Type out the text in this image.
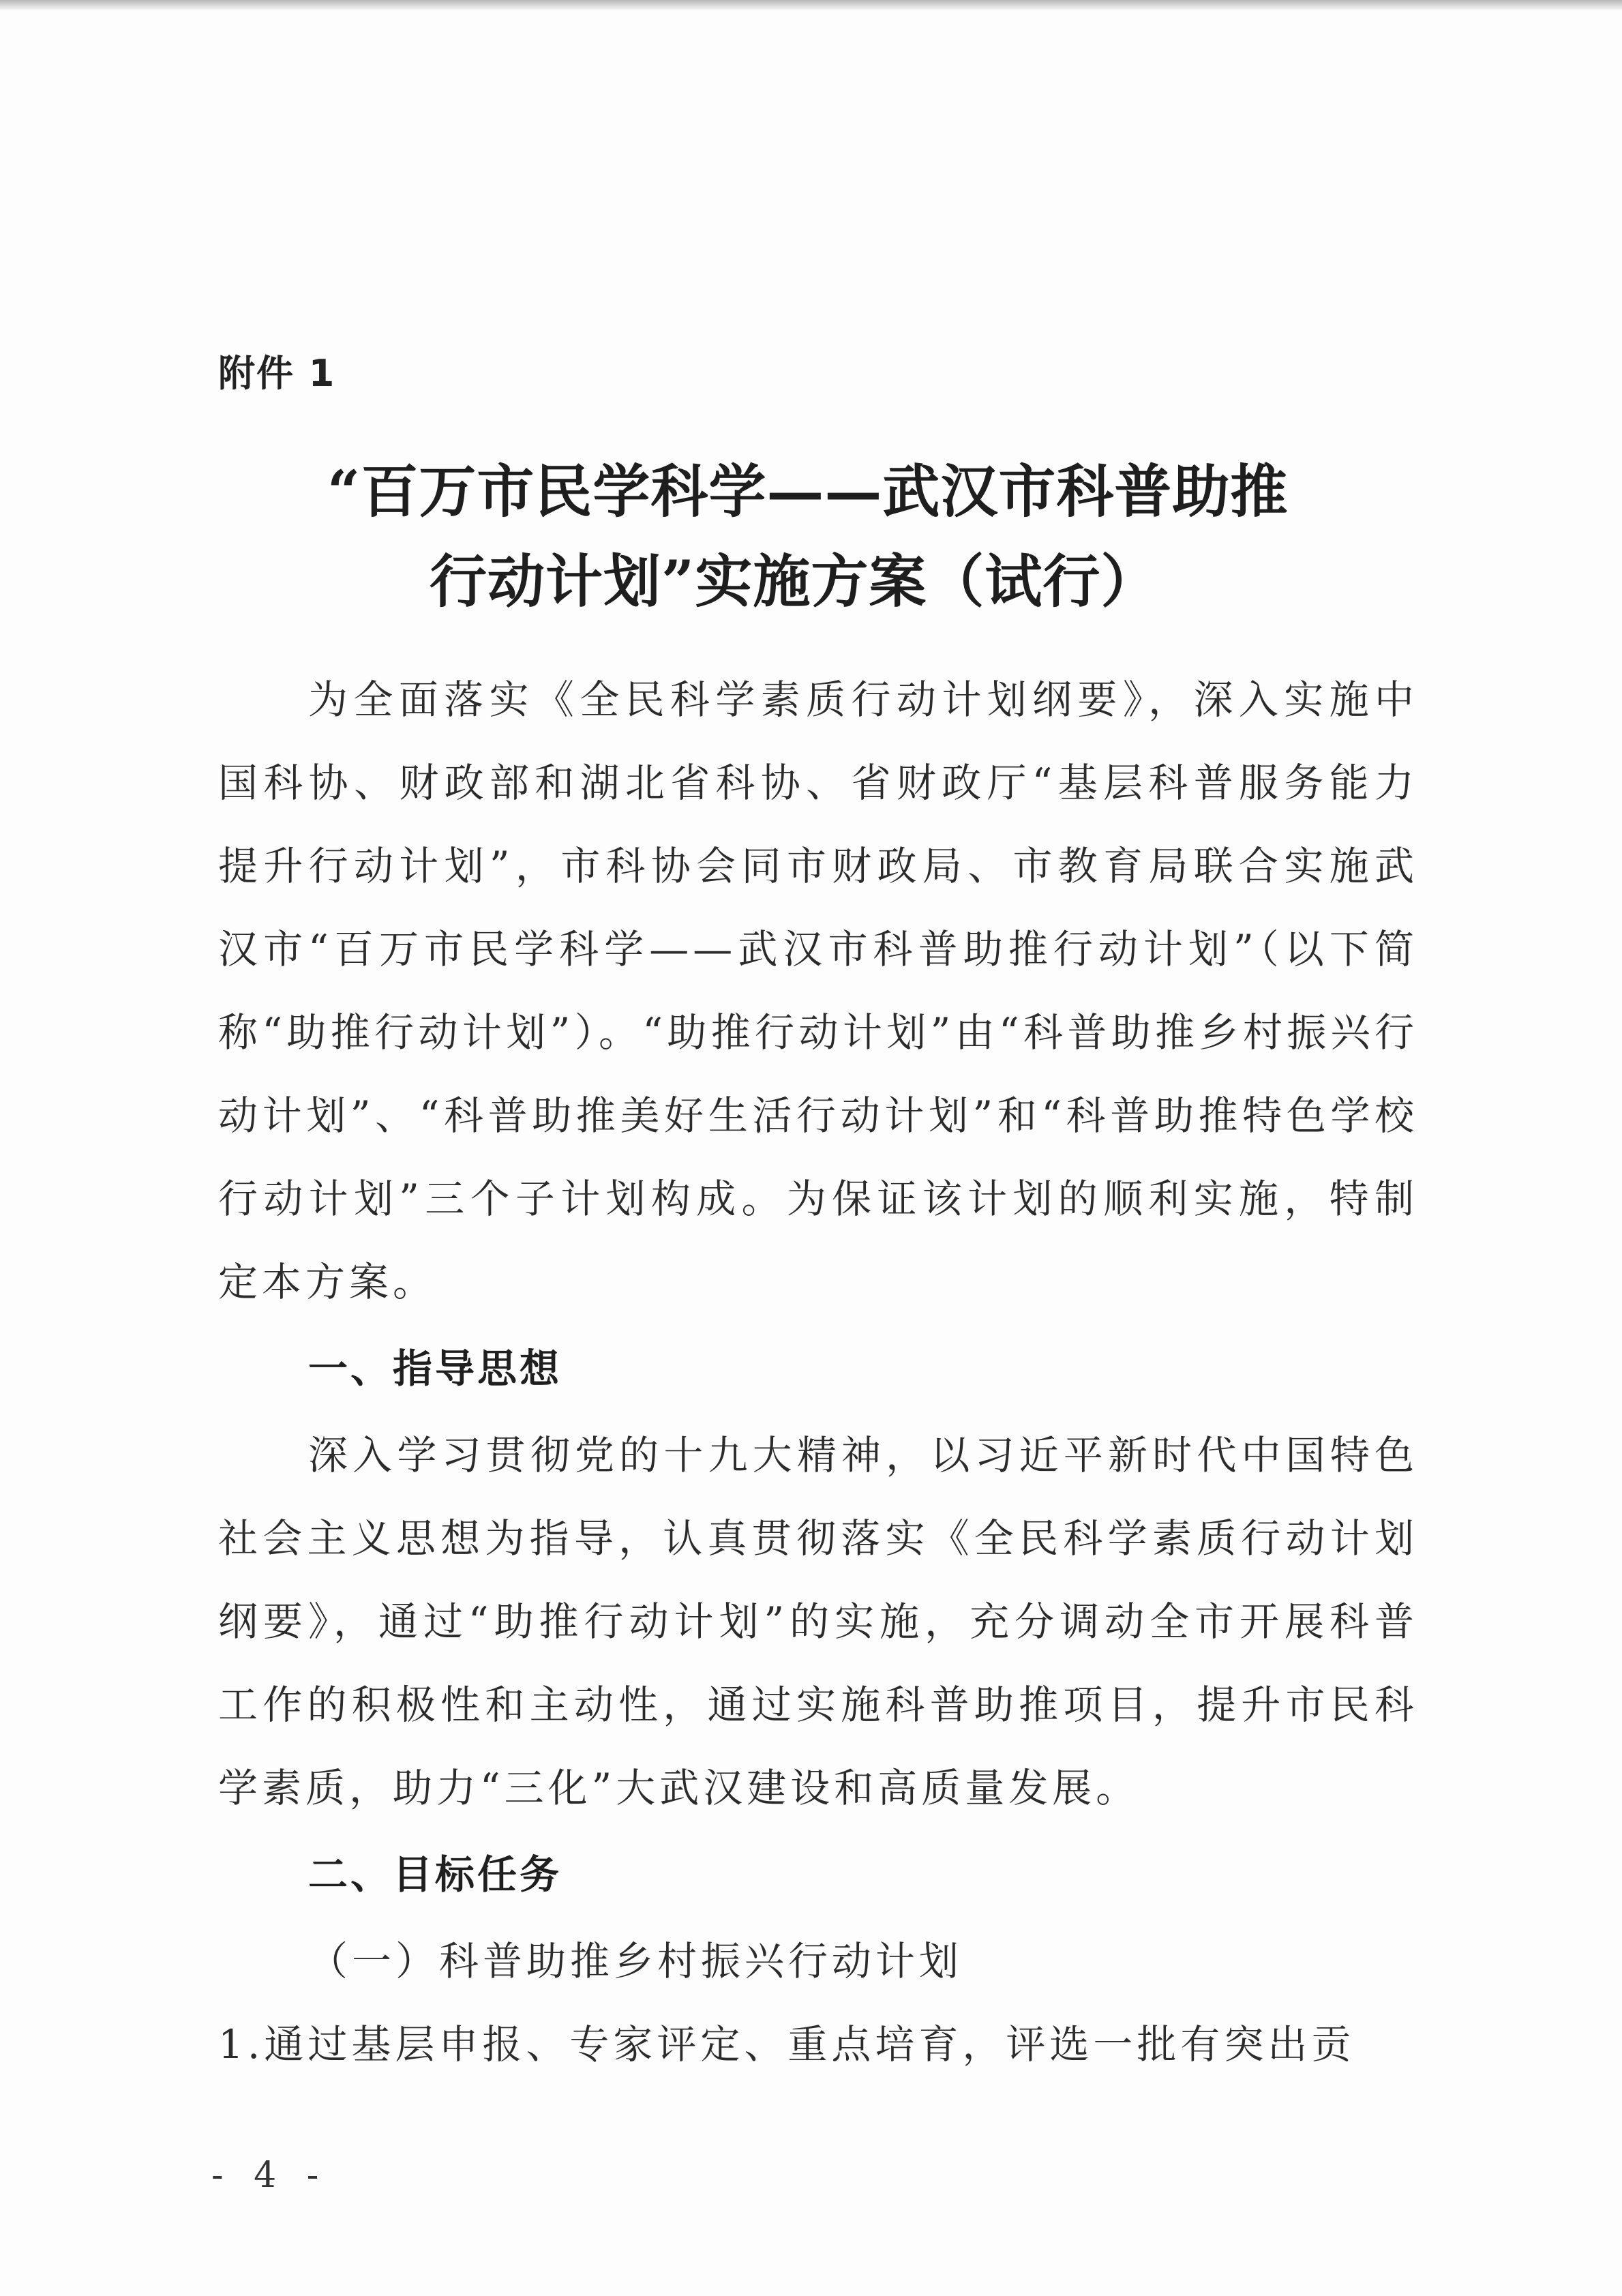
附件 1
“百万市民学科学——武汉市科普助推
行动计划”实施方案（试行）

为全面落实《全民科学素质行动计划纲要》，深入实施中国科协、财政部和湖北省科协、省财政厅“基层科普服务能力提升行动计划”，市科协会同市财政局、市教育局联合实施武汉市“百万市民学科学——武汉市科普助推行动计划”（以下简称“助推行动计划”）。“助推行动计划”由“科普助推乡村振兴行动计划”、“科普助推美好生活行动计划”和“科普助推特色学校行动计划”三个子计划构成。为保证该计划的顺利实施，特制定本方案。

一、指导思想

深入学习贯彻党的十九大精神，以习近平新时代中国特色社会主义思想为指导，认真贯彻落实《全民科学素质行动计划纲要》，通过“助推行动计划”的实施，充分调动全市开展科普工作的积极性和主动性，通过实施科普助推项目，提升市民科学素质，助力“三化”大武汉建设和高质量发展。

二、目标任务

（一）科普助推乡村振兴行动计划

1.通过基层申报、专家评定、重点培育，评选一批有突出贡

- 4 -
